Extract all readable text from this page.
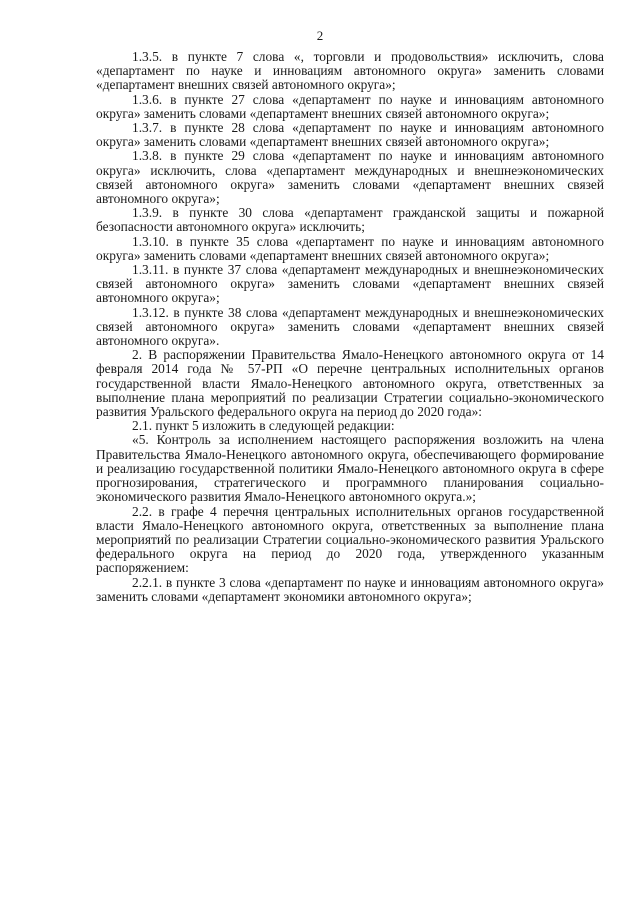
2

1.3.5. в пункте 7 слова «, торговли и продовольствия» исключить, слова «департамент по науке и инновациям автономного округа» заменить словами «департамент внешних связей автономного округа»;

1.3.6. в пункте 27 слова «департамент по науке и инновациям автономного округа» заменить словами «департамент внешних связей автономного округа»;

1.3.7. в пункте 28 слова «департамент по науке и инновациям автономного округа» заменить словами «департамент внешних связей автономного округа»;

1.3.8. в пункте 29 слова «департамент по науке и инновациям автономного округа» исключить, слова «департамент международных и внешнеэкономических связей автономного округа» заменить словами «департамент внешних связей автономного округа»;

1.3.9. в пункте 30 слова «департамент гражданской защиты и пожарной безопасности автономного округа» исключить;

1.3.10. в пункте 35 слова «департамент по науке и инновациям автономного округа» заменить словами «департамент внешних связей автономного округа»;

1.3.11. в пункте 37 слова «департамент международных и внешнеэкономических связей автономного округа» заменить словами «департамент внешних связей автономного округа»;

1.3.12. в пункте 38 слова «департамент международных и внешнеэкономических связей автономного округа» заменить словами «департамент внешних связей автономного округа».

2. В распоряжении Правительства Ямало-Ненецкого автономного округа от 14 февраля 2014 года № 57-РП «О перечне центральных исполнительных органов государственной власти Ямало-Ненецкого автономного округа, ответственных за выполнение плана мероприятий по реализации Стратегии социально-экономического развития Уральского федерального округа на период до 2020 года»:

2.1. пункт 5 изложить в следующей редакции:

«5. Контроль за исполнением настоящего распоряжения возложить на члена Правительства Ямало-Ненецкого автономного округа, обеспечивающего формирование и реализацию государственной политики Ямало-Ненецкого автономного округа в сфере прогнозирования, стратегического и программного планирования социально-экономического развития Ямало-Ненецкого автономного округа.»;

2.2. в графе 4 перечня центральных исполнительных органов государственной власти Ямало-Ненецкого автономного округа, ответственных за выполнение плана мероприятий по реализации Стратегии социально-экономического развития Уральского федерального округа на период до 2020 года, утвержденного указанным распоряжением:

2.2.1. в пункте 3 слова «департамент по науке и инновациям автономного округа» заменить словами «департамент экономики автономного округа»;
